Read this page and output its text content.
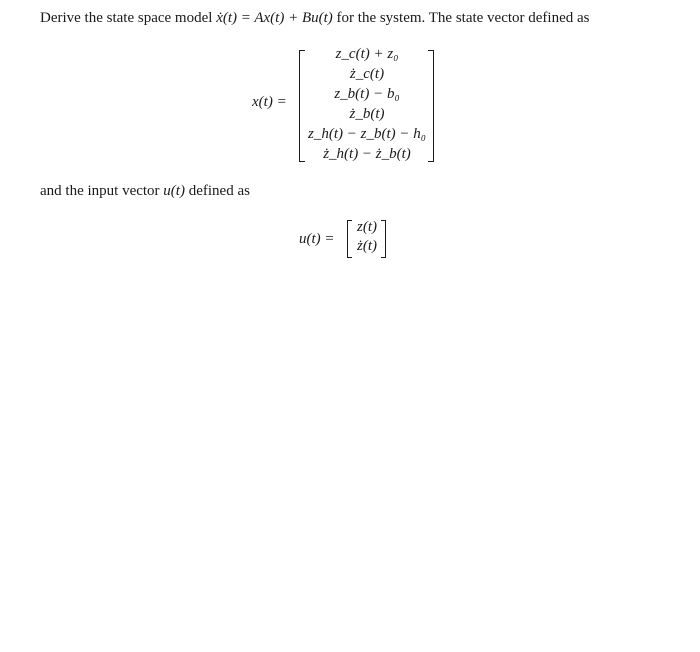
Derive the state space model ẋ(t) = Ax(t) + Bu(t) for the system. The state vector defined as
x(t) =
z_c(t) + z₀
ż_c(t)
z_b(t) − b₀
ż_b(t)
z_h(t) − z_b(t) − h₀
ż_h(t) − ż_b(t)
and the input vector u(t) defined as
u(t) =
z(t)
ż(t)
